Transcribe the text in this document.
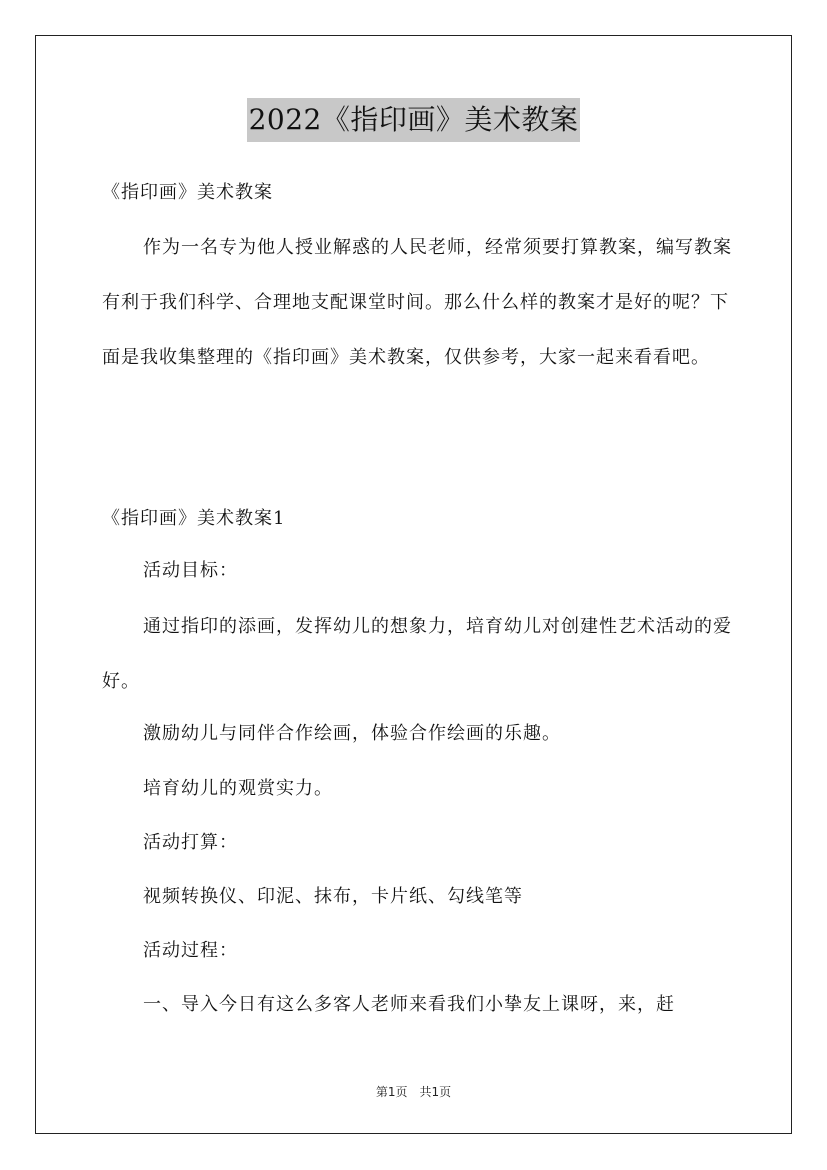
2022《指印画》美术教案

《指印画》美术教案

作为一名专为他人授业解惑的人民老师，经常须要打算教案，编写教案有利于我们科学、合理地支配课堂时间。那么什么样的教案才是好的呢？下面是我收集整理的《指印画》美术教案，仅供参考，大家一起来看看吧。

《指印画》美术教案1

活动目标：

通过指印的添画，发挥幼儿的想象力，培育幼儿对创建性艺术活动的爱好。

激励幼儿与同伴合作绘画，体验合作绘画的乐趣。

培育幼儿的观赏实力。

活动打算：

视频转换仪、印泥、抹布，卡片纸、勾线笔等

活动过程：

一、导入今日有这么多客人老师来看我们小挚友上课呀，来，赶

第1页　共1页
